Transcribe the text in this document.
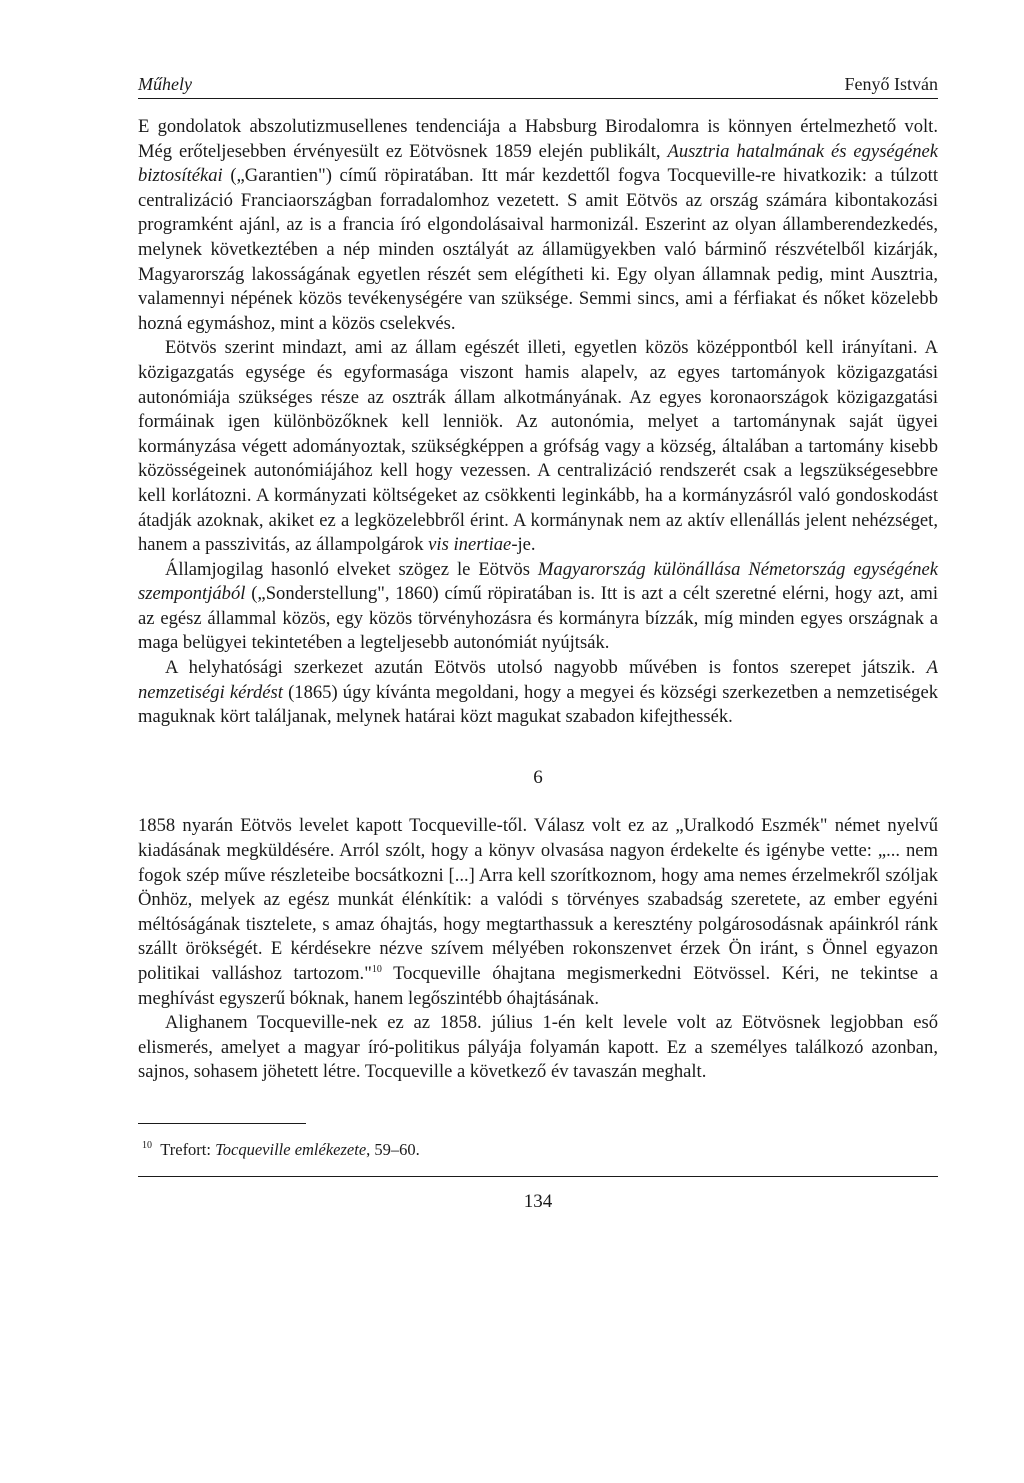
Műhely	Fenyő István

E gondolatok abszolutizmusellenes tendenciája a Habsburg Birodalomra is könnyen értelmezhető volt. Még erőteljesebben érvényesült ez Eötvösnek 1859 elején publikált, Ausztria hatalmának és egységének biztosítékai („Garantien") című röpiratában. Itt már kezdettől fogva Tocqueville-re hivatkozik: a túlzott centralizáció Franciaországban forradalomhoz vezetett. S amit Eötvös az ország számára kibontakozási programként ajánl, az is a francia író elgondolásaival harmonizál. Eszerint az olyan államberendezkedés, melynek következtében a nép minden osztályát az államügyekben való bárminő részvételből kizárják, Magyarország lakosságának egyetlen részét sem elégítheti ki. Egy olyan államnak pedig, mint Ausztria, valamennyi népének közös tevékenységére van szüksége. Semmi sincs, ami a férfiakat és nőket közelebb hozná egymáshoz, mint a közös cselekvés.

Eötvös szerint mindazt, ami az állam egészét illeti, egyetlen közös középpontból kell irányítani. A közigazgatás egysége és egyformasága viszont hamis alapelv, az egyes tartományok közigazgatási autonómiája szükséges része az osztrák állam alkotmányának. Az egyes koronaországok közigazgatási formáinak igen különbözőknek kell lenniök. Az autonómia, melyet a tartománynak saját ügyei kormányzása végett adományoztak, szükségképpen a grófság vagy a község, általában a tartomány kisebb közösségeinek autonómiájához kell hogy vezessen. A centralizáció rendszerét csak a legszükségesebbre kell korlátozni. A kormányzati költségeket az csökkenti leginkább, ha a kormányzásról való gondoskodást átadják azoknak, akiket ez a legközelebbről érint. A kormánynak nem az aktív ellenállás jelent nehézséget, hanem a passzivitás, az állampolgárok vis inertiae-je.

Államjogilag hasonló elveket szögez le Eötvös Magyarország különállása Németország egységének szempontjából („Sonderstellung", 1860) című röpiratában is. Itt is azt a célt szeretné elérni, hogy azt, ami az egész állammal közös, egy közös törvényhozásra és kormányra bízzák, míg minden egyes országnak a maga belügyei tekintetében a legteljesebb autonómiát nyújtsák.

A helyhatósági szerkezet azután Eötvös utolsó nagyobb művében is fontos szerepet játszik. A nemzetiségi kérdést (1865) úgy kívánta megoldani, hogy a megyei és községi szerkezetben a nemzetiségek maguknak kört találjanak, melynek határai közt magukat szabadon kifejthessék.

6

1858 nyarán Eötvös levelet kapott Tocqueville-től. Válasz volt ez az „Uralkodó Eszmék" német nyelvű kiadásának megküldésére. Arról szólt, hogy a könyv olvasása nagyon érdekelte és igénybe vette: „... nem fogok szép műve részleteibe bocsátkozni [...] Arra kell szorítkoznom, hogy ama nemes érzelmekről szóljak Önhöz, melyek az egész munkát élénkítik: a valódi s törvényes szabadság szeretete, az ember egyéni méltóságának tisztelete, s amaz óhajtás, hogy megtarthassuk a keresztény polgárosodásnak apáinkról ránk szállt örökségét. E kérdésekre nézve szívem mélyében rokonszenvet érzek Ön iránt, s Önnel egyazon politikai valláshoz tartozom."$^{10}$ Tocqueville óhajtana megismerkedni Eötvössel. Kéri, ne tekintse a meghívást egyszerű bóknak, hanem legőszintébb óhajtásának.

Alighanem Tocqueville-nek ez az 1858. július 1-én kelt levele volt az Eötvösnek legjobban eső elismerés, amelyet a magyar író-politikus pályája folyamán kapott. Ez a személyes találkozó azonban, sajnos, sohasem jöhetett létre. Tocqueville a következő év tavaszán meghalt.

$^{10}$ Trefort: Tocqueville emlékezete, 59–60.
134
